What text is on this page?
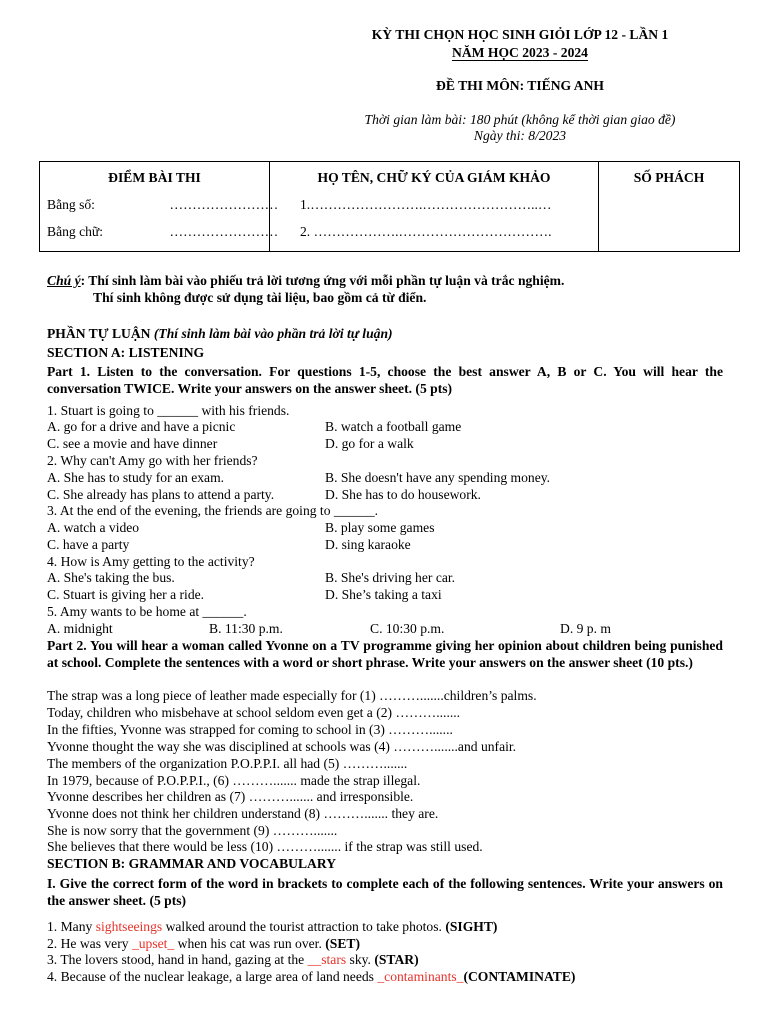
KỲ THI CHỌN HỌC SINH GIỎI LỚP 12 - LẦN 1
NĂM HỌC 2023 - 2024
ĐỀ THI MÔN: TIẾNG ANH
Thời gian làm bài: 180 phút (không kể thời gian giao đề)
Ngày thi: 8/2023
ĐIỂM BÀI THI
Bằng số:	……………………
Bằng chữ:	……………………

HỌ TÊN, CHỮ KÝ CỦA GIÁM KHẢO
1.…………………….……………………..…
2. ……………….…………………………….

SỐ PHÁCH
Chú ý: Thí sinh làm bài vào phiếu trả lời tương ứng với mỗi phần tự luận và trắc nghiệm.
Thí sinh không được sử dụng tài liệu, bao gồm cả từ điển.
PHẦN TỰ LUẬN (Thí sinh làm bài vào phần trả lời tự luận)
SECTION A: LISTENING
Part 1. Listen to the conversation. For questions 1-5, choose the best answer A, B or C. You will hear the conversation TWICE. Write your answers on the answer sheet. (5 pts)
1. Stuart is going to ______ with his friends.
A. go for a drive and have a picnic	B. watch a football game
C. see a movie and have dinner	D. go for a walk
2. Why can't Amy go with her friends?
A. She has to study for an exam.	B. She doesn't have any spending money.
C. She already has plans to attend a party.	D. She has to do housework.
3. At the end of the evening, the friends are going to ______.
A. watch a video	B. play some games
C. have a party	D. sing karaoke
4. How is Amy getting to the activity?
A. She's taking the bus.	B. She's driving her car.
C. Stuart is giving her a ride.	D. She’s taking a taxi
5. Amy wants to be home at ______.
A. midnight	B. 11:30 p.m.	C. 10:30 p.m.	D. 9 p. m
Part 2. You will hear a woman called Yvonne on a TV programme giving her opinion about children being punished at school. Complete the sentences with a word or short phrase. Write your answers on the answer sheet (10 pts.)
The strap was a long piece of leather made especially for (1) ……….......children’s palms.
Today, children who misbehave at school seldom even get a (2) ……….......
In the fifties, Yvonne was strapped for coming to school in (3) ……….......
Yvonne thought the way she was disciplined at schools was (4) ……….......and unfair.
The members of the organization P.O.P.P.I. all had (5) ……….......
In 1979, because of P.O.P.P.I., (6) ………....... made the strap illegal.
Yvonne describes her children as (7) ………....... and irresponsible.
Yvonne does not think her children understand (8) ………....... they are.
She is now sorry that the government (9) ……….......
She believes that there would be less (10) ………....... if the strap was still used.
SECTION B: GRAMMAR AND VOCABULARY
I. Give the correct form of the word in brackets to complete each of the following sentences. Write your answers on the answer sheet. (5 pts)
1. Many sightseeings walked around the tourist attraction to take photos. (SIGHT)
2. He was very _upset_ when his cat was run over. (SET)
3. The lovers stood, hand in hand, gazing at the __stars sky. (STAR)
4. Because of the nuclear leakage, a large area of land needs _contaminants_(CONTAMINATE)
